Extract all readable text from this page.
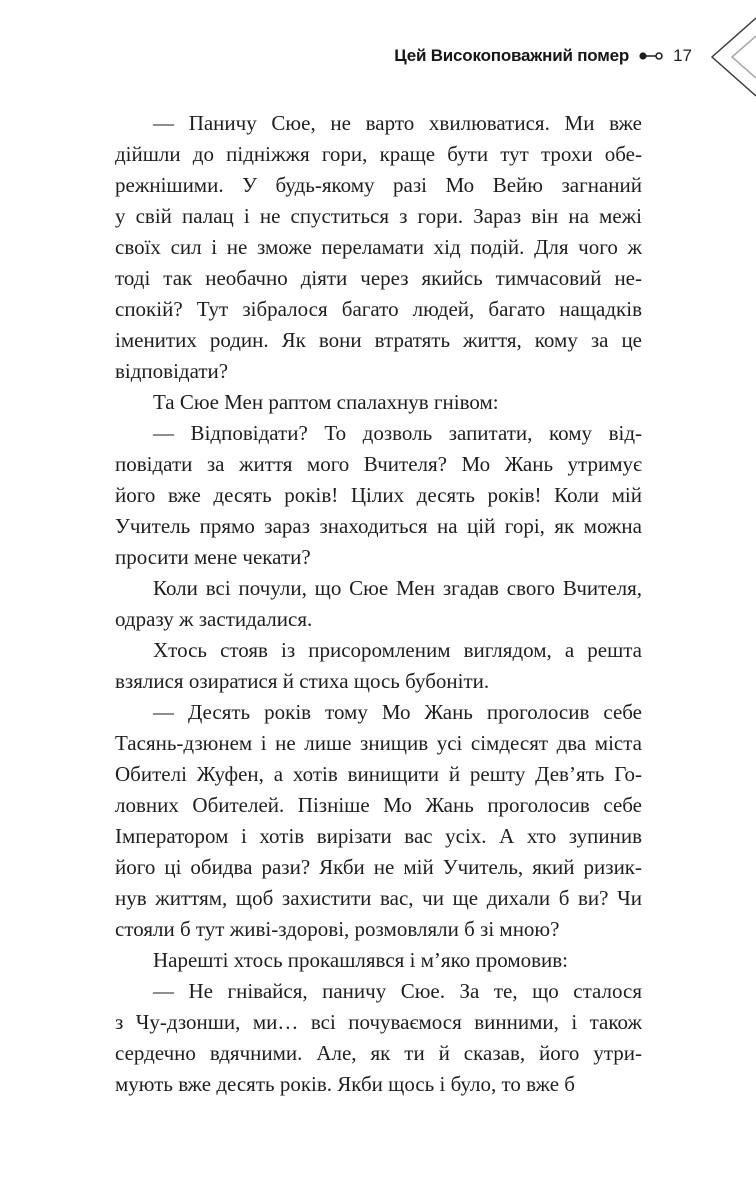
Цей Високоповажний помер	17
— Паничу Сюе, не варто хвилюватися. Ми вже
дійшли до підніжжя гори, краще бути тут трохи обе-
режнішими. У будь-якому разі Мо Вейю загнаний
у свій палац і не спуститься з гори. Зараз він на межі
своїх сил і не зможе переламати хід подій. Для чого ж
тоді так необачно діяти через якийсь тимчасовий не-
спокій? Тут зібралося багато людей, багато нащадків
іменитих родин. Як вони втратять життя, кому за це
відповідати?
Та Сюе Мен раптом спалахнув гнівом:
— Відповідати? То дозволь запитати, кому від-
повідати за життя мого Вчителя? Мо Жань утримує
його вже десять років! Цілих десять років! Коли мій
Учитель прямо зараз знаходиться на цій горі, як можна
просити мене чекати?
Коли всі почули, що Сюе Мен згадав свого Вчителя,
одразу ж застидалися.
Хтось стояв із присоромленим виглядом, а решта
взялися озиратися й стиха щось бубоніти.
— Десять років тому Мо Жань проголосив себе
Тасянь-дзюнем і не лише знищив усі сімдесят два міста
Обителі Жуфен, а хотів винищити й решту Дев’ять Го-
ловних Обителей. Пізніше Мо Жань проголосив себе
Імператором і хотів вирізати вас усіх. А хто зупинив
його ці обидва рази? Якби не мій Учитель, який ризик-
нув життям, щоб захистити вас, чи ще дихали б ви? Чи
стояли б тут живі-здорові, розмовляли б зі мною?
Нарешті хтось прокашлявся і м’яко промовив:
— Не гнівайся, паничу Сюе. За те, що сталося
з Чу-дзонши, ми… всі почуваємося винними, і також
сердечно вдячними. Але, як ти й сказав, його утри-
мують вже десять років. Якби щось і було, то вже б
